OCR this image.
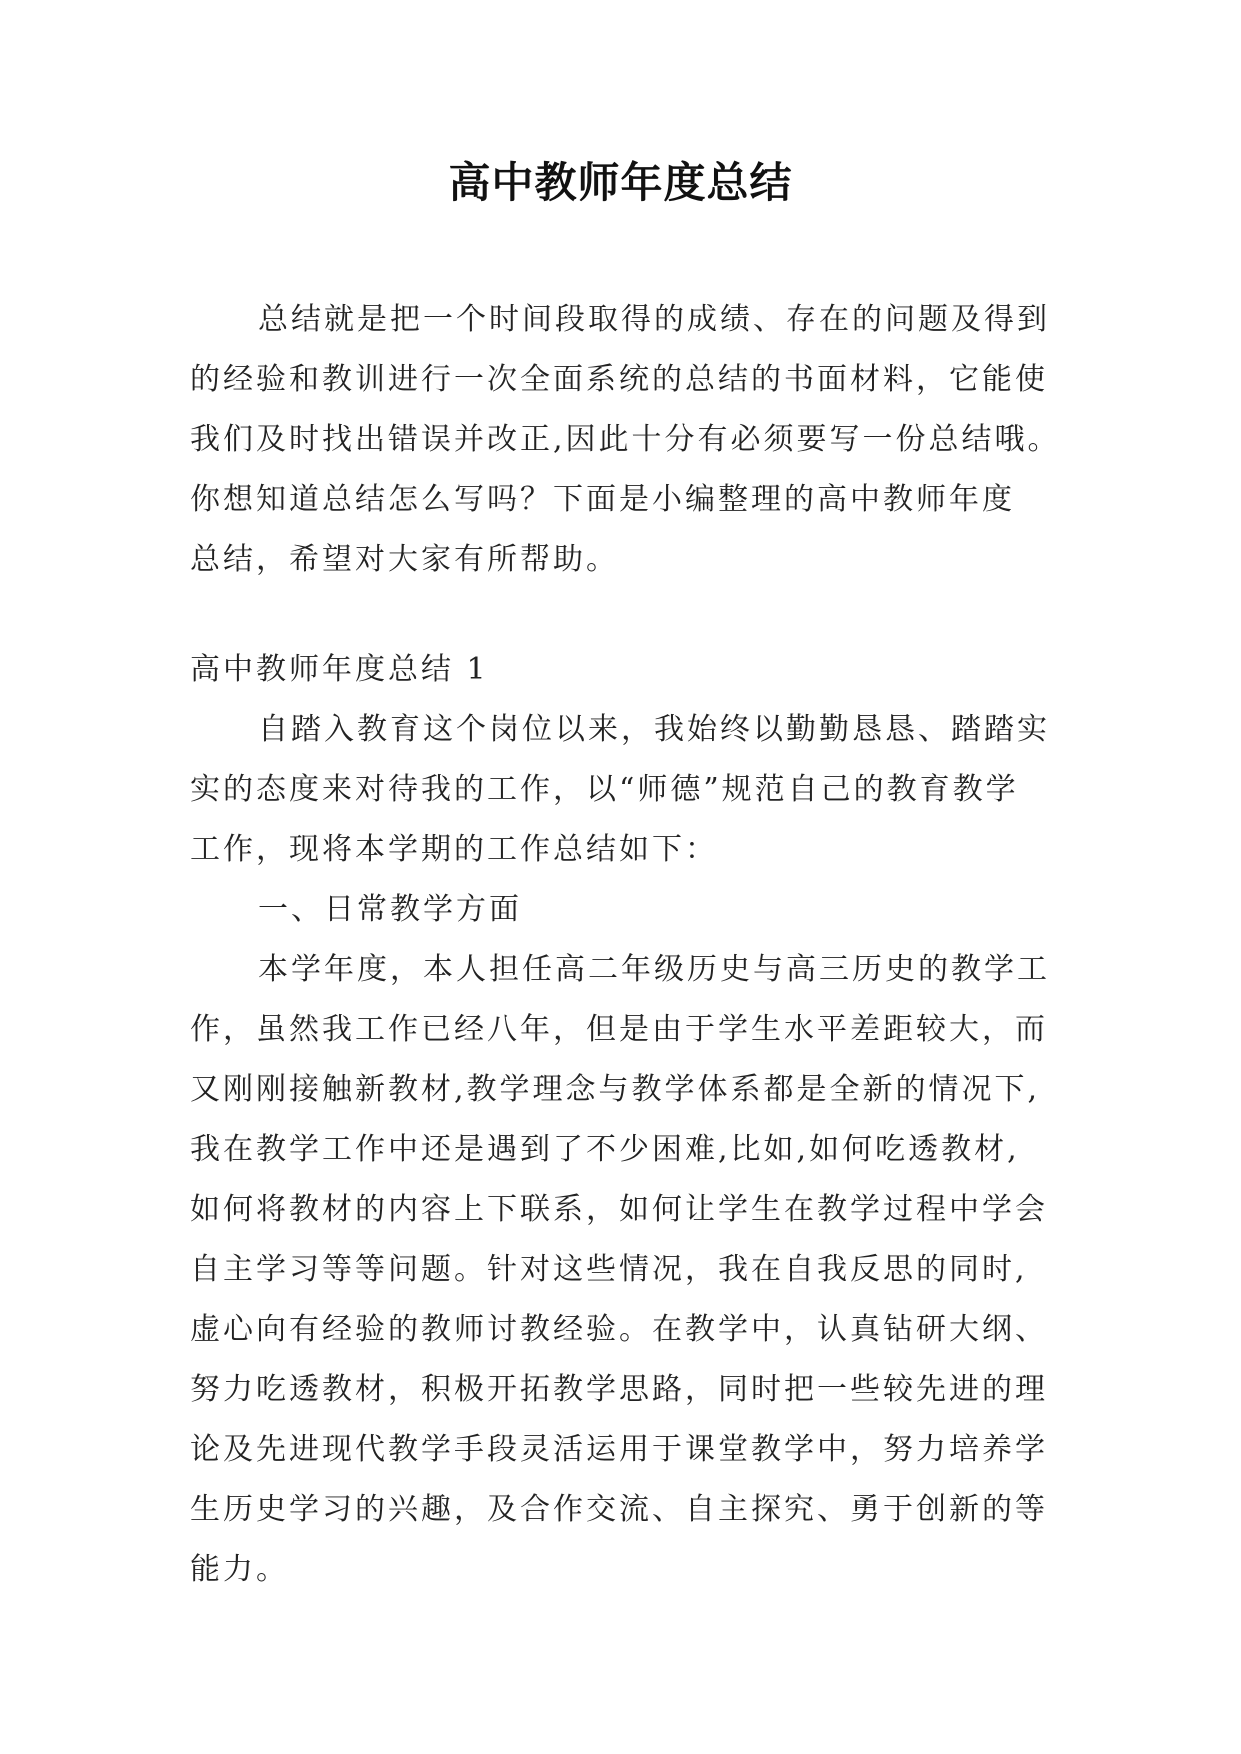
高中教师年度总结
总结就是把一个时间段取得的成绩、存在的问题及得到
的经验和教训进行一次全面系统的总结的书面材料，它能使
我们及时找出错误并改正,因此十分有必须要写一份总结哦。
你想知道总结怎么写吗？下面是小编整理的高中教师年度
总结，希望对大家有所帮助。
高中教师年度总结 1
自踏入教育这个岗位以来，我始终以勤勤恳恳、踏踏实
实的态度来对待我的工作，以“师德”规范自己的教育教学
工作，现将本学期的工作总结如下：
一、日常教学方面
本学年度，本人担任高二年级历史与高三历史的教学工
作，虽然我工作已经八年，但是由于学生水平差距较大，而
又刚刚接触新教材,教学理念与教学体系都是全新的情况下,
我在教学工作中还是遇到了不少困难,比如,如何吃透教材,
如何将教材的内容上下联系，如何让学生在教学过程中学会
自主学习等等问题。针对这些情况，我在自我反思的同时,
虚心向有经验的教师讨教经验。在教学中，认真钻研大纲、
努力吃透教材，积极开拓教学思路，同时把一些较先进的理
论及先进现代教学手段灵活运用于课堂教学中，努力培养学
生历史学习的兴趣，及合作交流、自主探究、勇于创新的等
能力。
